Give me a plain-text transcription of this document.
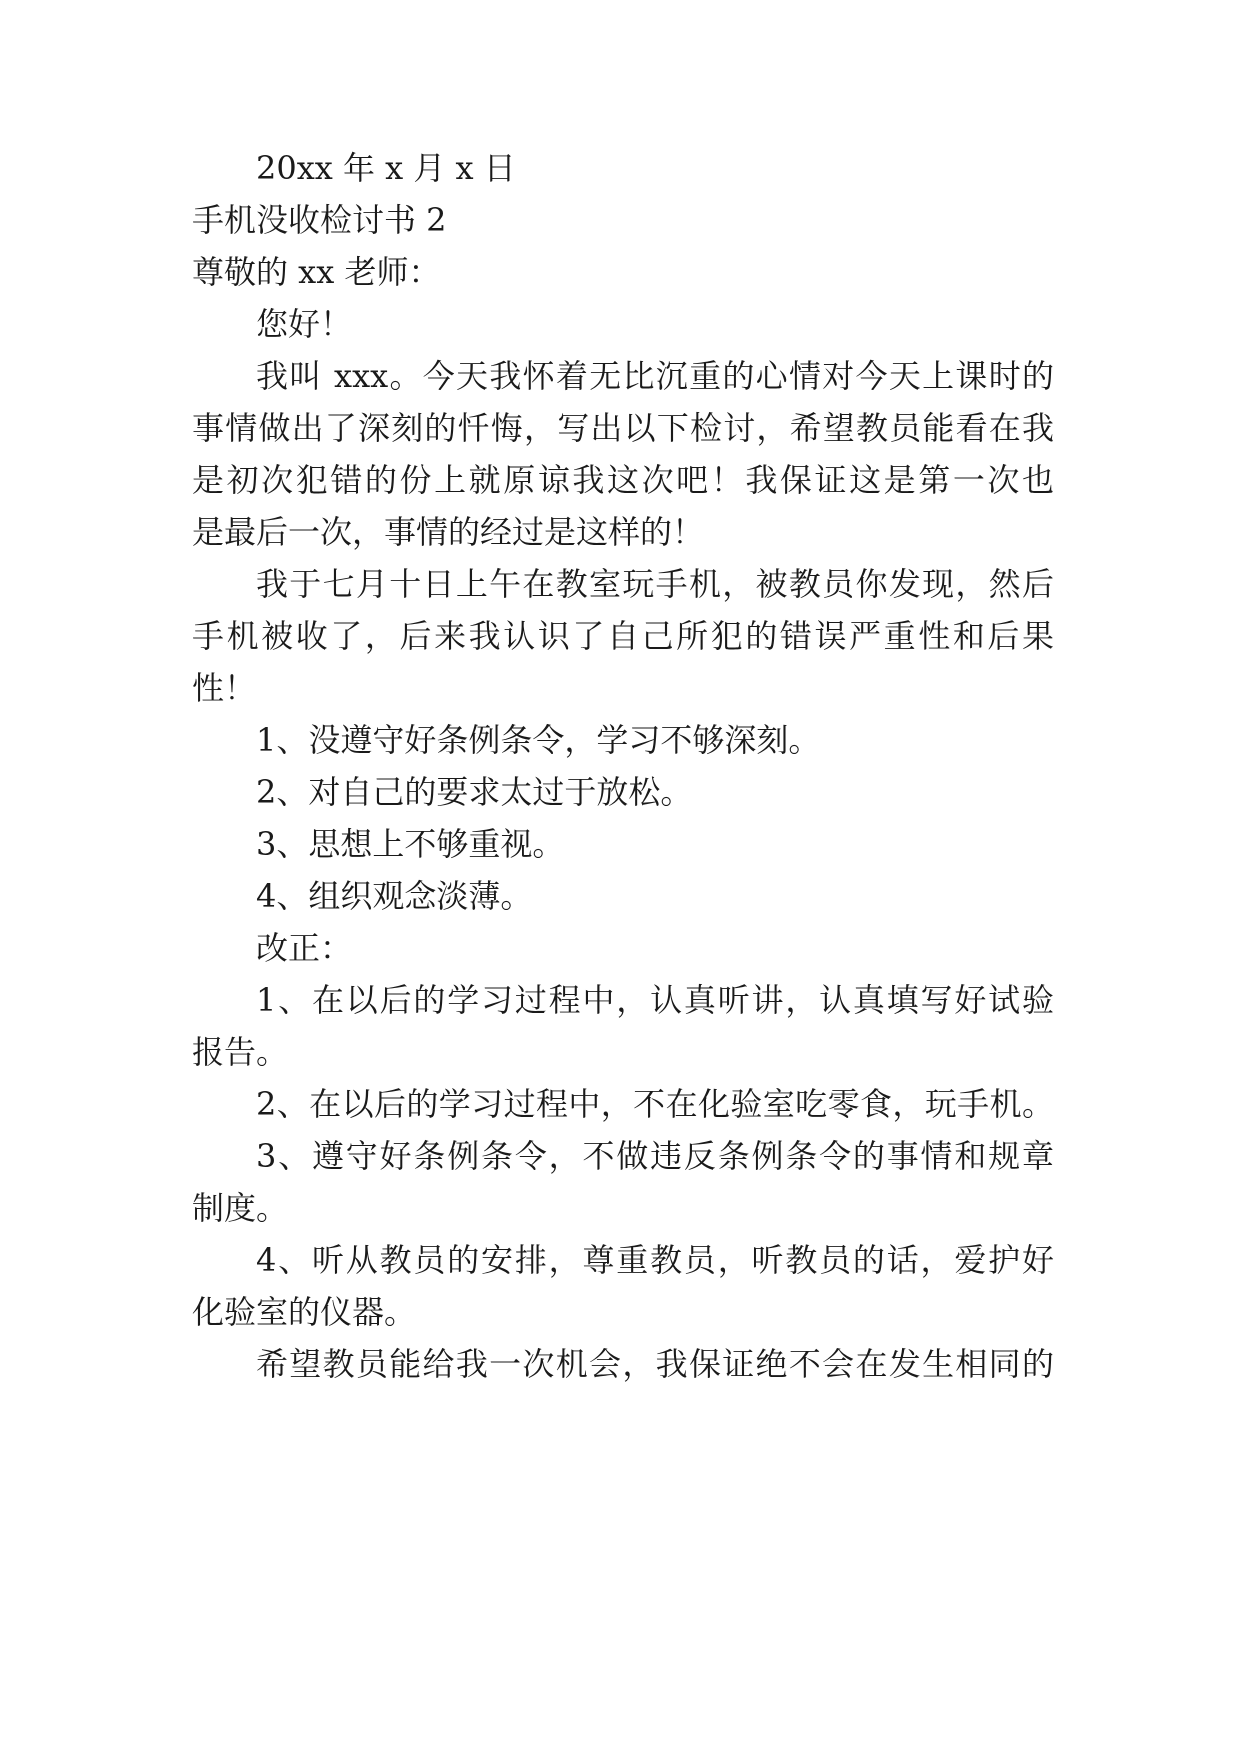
20xx 年 x 月 x 日
手机没收检讨书 2
尊敬的 xx 老师：
您好！
我叫 xxx。今天我怀着无比沉重的心情对今天上课时的
事情做出了深刻的忏悔，写出以下检讨，希望教员能看在我
是初次犯错的份上就原谅我这次吧！我保证这是第一次也
是最后一次，事情的经过是这样的！
我于七月十日上午在教室玩手机，被教员你发现，然后
手机被收了，后来我认识了自己所犯的错误严重性和后果
性！
1、没遵守好条例条令，学习不够深刻。
2、对自己的要求太过于放松。
3、思想上不够重视。
4、组织观念淡薄。
改正：
1、在以后的学习过程中，认真听讲，认真填写好试验
报告。
2、在以后的学习过程中，不在化验室吃零食，玩手机。
3、遵守好条例条令，不做违反条例条令的事情和规章
制度。
4、听从教员的安排，尊重教员，听教员的话，爱护好
化验室的仪器。
希望教员能给我一次机会，我保证绝不会在发生相同的
